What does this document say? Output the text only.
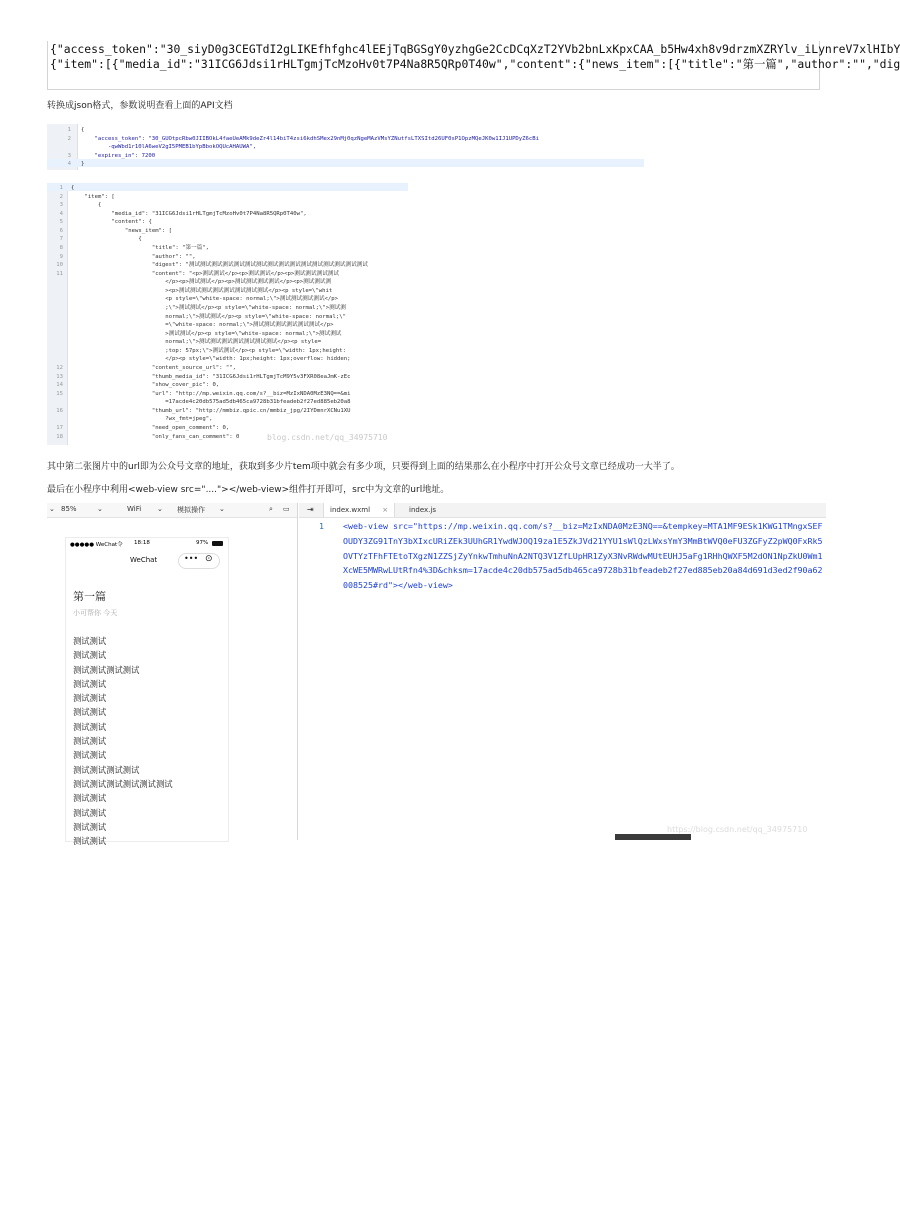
{"access_token":"30_siyD0g3CEGTdI2gLIKEfhfghc4lEEjTqBGSgY0yzhgGe2CcDCqXzT2YVb2bnLxKpxCAA_b5Hw4xh8v9drzmXZRYlv_iLynreV7xlHIbY
{"item":[{"media_id":"31ICG6Jdsi1rHLTgmjTcMzoHv0t7P4Na8R5QRp0T40w","content":{"news_item":[{"title":"第一篇","author":"","dig
转换成json格式，参数说明查看上面的API文档
1 {
2 "access_token": "30_GUOtpcRbw0JIIBOkL4faeUeAMk9deZr4l14biT4zsi6kdhSMex29nMj0qzNgeMAzVMsYZNutfsLTXSItd26UF0sP1OpzMQeJK0w1IJ1UPDyZ6cBi
-qwWbd1r10lA6weV2gI5PMEB1bYpBbokOQUcAHAUWA",
3 "expires_in": 7200
4 }
1 {
2 "item": [
3 {
4 "media_id": "31ICG6Jdsi1rHLTgmjTcMzoHv0t7P4Na8R5QRp0T40w",
5 "content": {
6 "news_item": [
7 {
8 "title": "第一篇",
9 "author": "",
10 "digest": "测试测试测试测试测试测试测试测试测试测试测试测试测试测试测试测试
11 "content": "<p>测试测试</p><p>测试测试</p><p>测试测试测试测试
</p><p>测试测试</p><p>测试测试测试测试</p><p>测试测试测
><p>测试测试测试测试测试测试测试测试</p><p style=\"whit
<p style=\"white-space: normal;\">测试测试测试测试</p>
;\">测试测试</p><p style=\"white-space: normal;\">测试测
normal;\">测试测试</p><p style=\"white-space: normal;\"
=\"white-space: normal;\">测试测试测试测试测试测试</p>
>测试测试</p><p style=\"white-space: normal;\">测试测试
normal;\">测试测试测试测试测试测试测试</p><p style=
;top: 57px;\">测试测试</p><p style=\"width: 1px;height:
</p><p style=\"width: 1px;height: 1px;overflow: hidden;
12 "content_source_url": "",
13 "thumb_media_id": "31ICG6Jdsi1rHLTgmjTcM9Y5v3FXR08eaJmK-zEc
14 "show_cover_pic": 0,
15 "url": "http://mp.weixin.qq.com/s?__biz=MzIxNDA0MzE3NQ==&mi
=17acde4c20db575ad5db465ca9728b31bfeadeb2f27ed885eb20a8
16 "thumb_url": "http://mmbiz.qpic.cn/mmbiz_jpg/2IYDmnrXCNu1XU
?wx_fmt=jpeg",
17 "need_open_comment": 0,
18 "only_fans_can_comment": 0	blog.csdn.net/qq_34975710
其中第二张图片中的url即为公众号文章的地址，获取到多少片tem项中就会有多少项，只要得到上面的结果那么在小程序中打开公众号文章已经成功一大半了。
最后在小程序中利用<web-view src="...."></web-view>组件打开即可，src中为文章的url地址。
⌄ 85%	⌄	WiFi ⌄ 模拟操作 ⌄	⌕ ▭	⇥	index.wxml ×	index.js
●●●●● WeChat令 18:18	97%
WeChat	••• ⊙
第一篇
小可帮你 今天
测试测试
测试测试
测试测试测试测试
测试测试
测试测试
测试测试
测试测试
测试测试
测试测试
测试测试测试测试
测试测试测试测试测试测试
测试测试
测试测试
测试测试
测试测试
1 <web-view src="https://mp.weixin.qq.com/s?__biz=MzIxNDA0MzE3NQ==&tempkey=MTA1MF9ESk1KWG1TMngxSEFOUDY3ZG91TnY3bXIxcURiZEk3UUhGR1YwdWJOQ19za1E5ZkJVd21YYU1sWlQzLWxsYmY3MmBtWVQ0eFU3ZGFyZ2pWQ0FxRk5OVTYzTFhFTEtoTXgzN1ZZSjZyYnkwTmhuNnA2NTQ3V1ZfLUpHR1ZyX3NvRWdwMUtEUHJ5aFg1RHhQWXF5M2dON1NpZkU0Wm1XcWE5MWRwLUtRfn4%3D&chksm=17acde4c20db575ad5db465ca9728b31bfeadeb2f27ed885eb20a84d691d3ed2f90a62008525#rd"></web-view>
https://blog.csdn.net/qq_34975710
